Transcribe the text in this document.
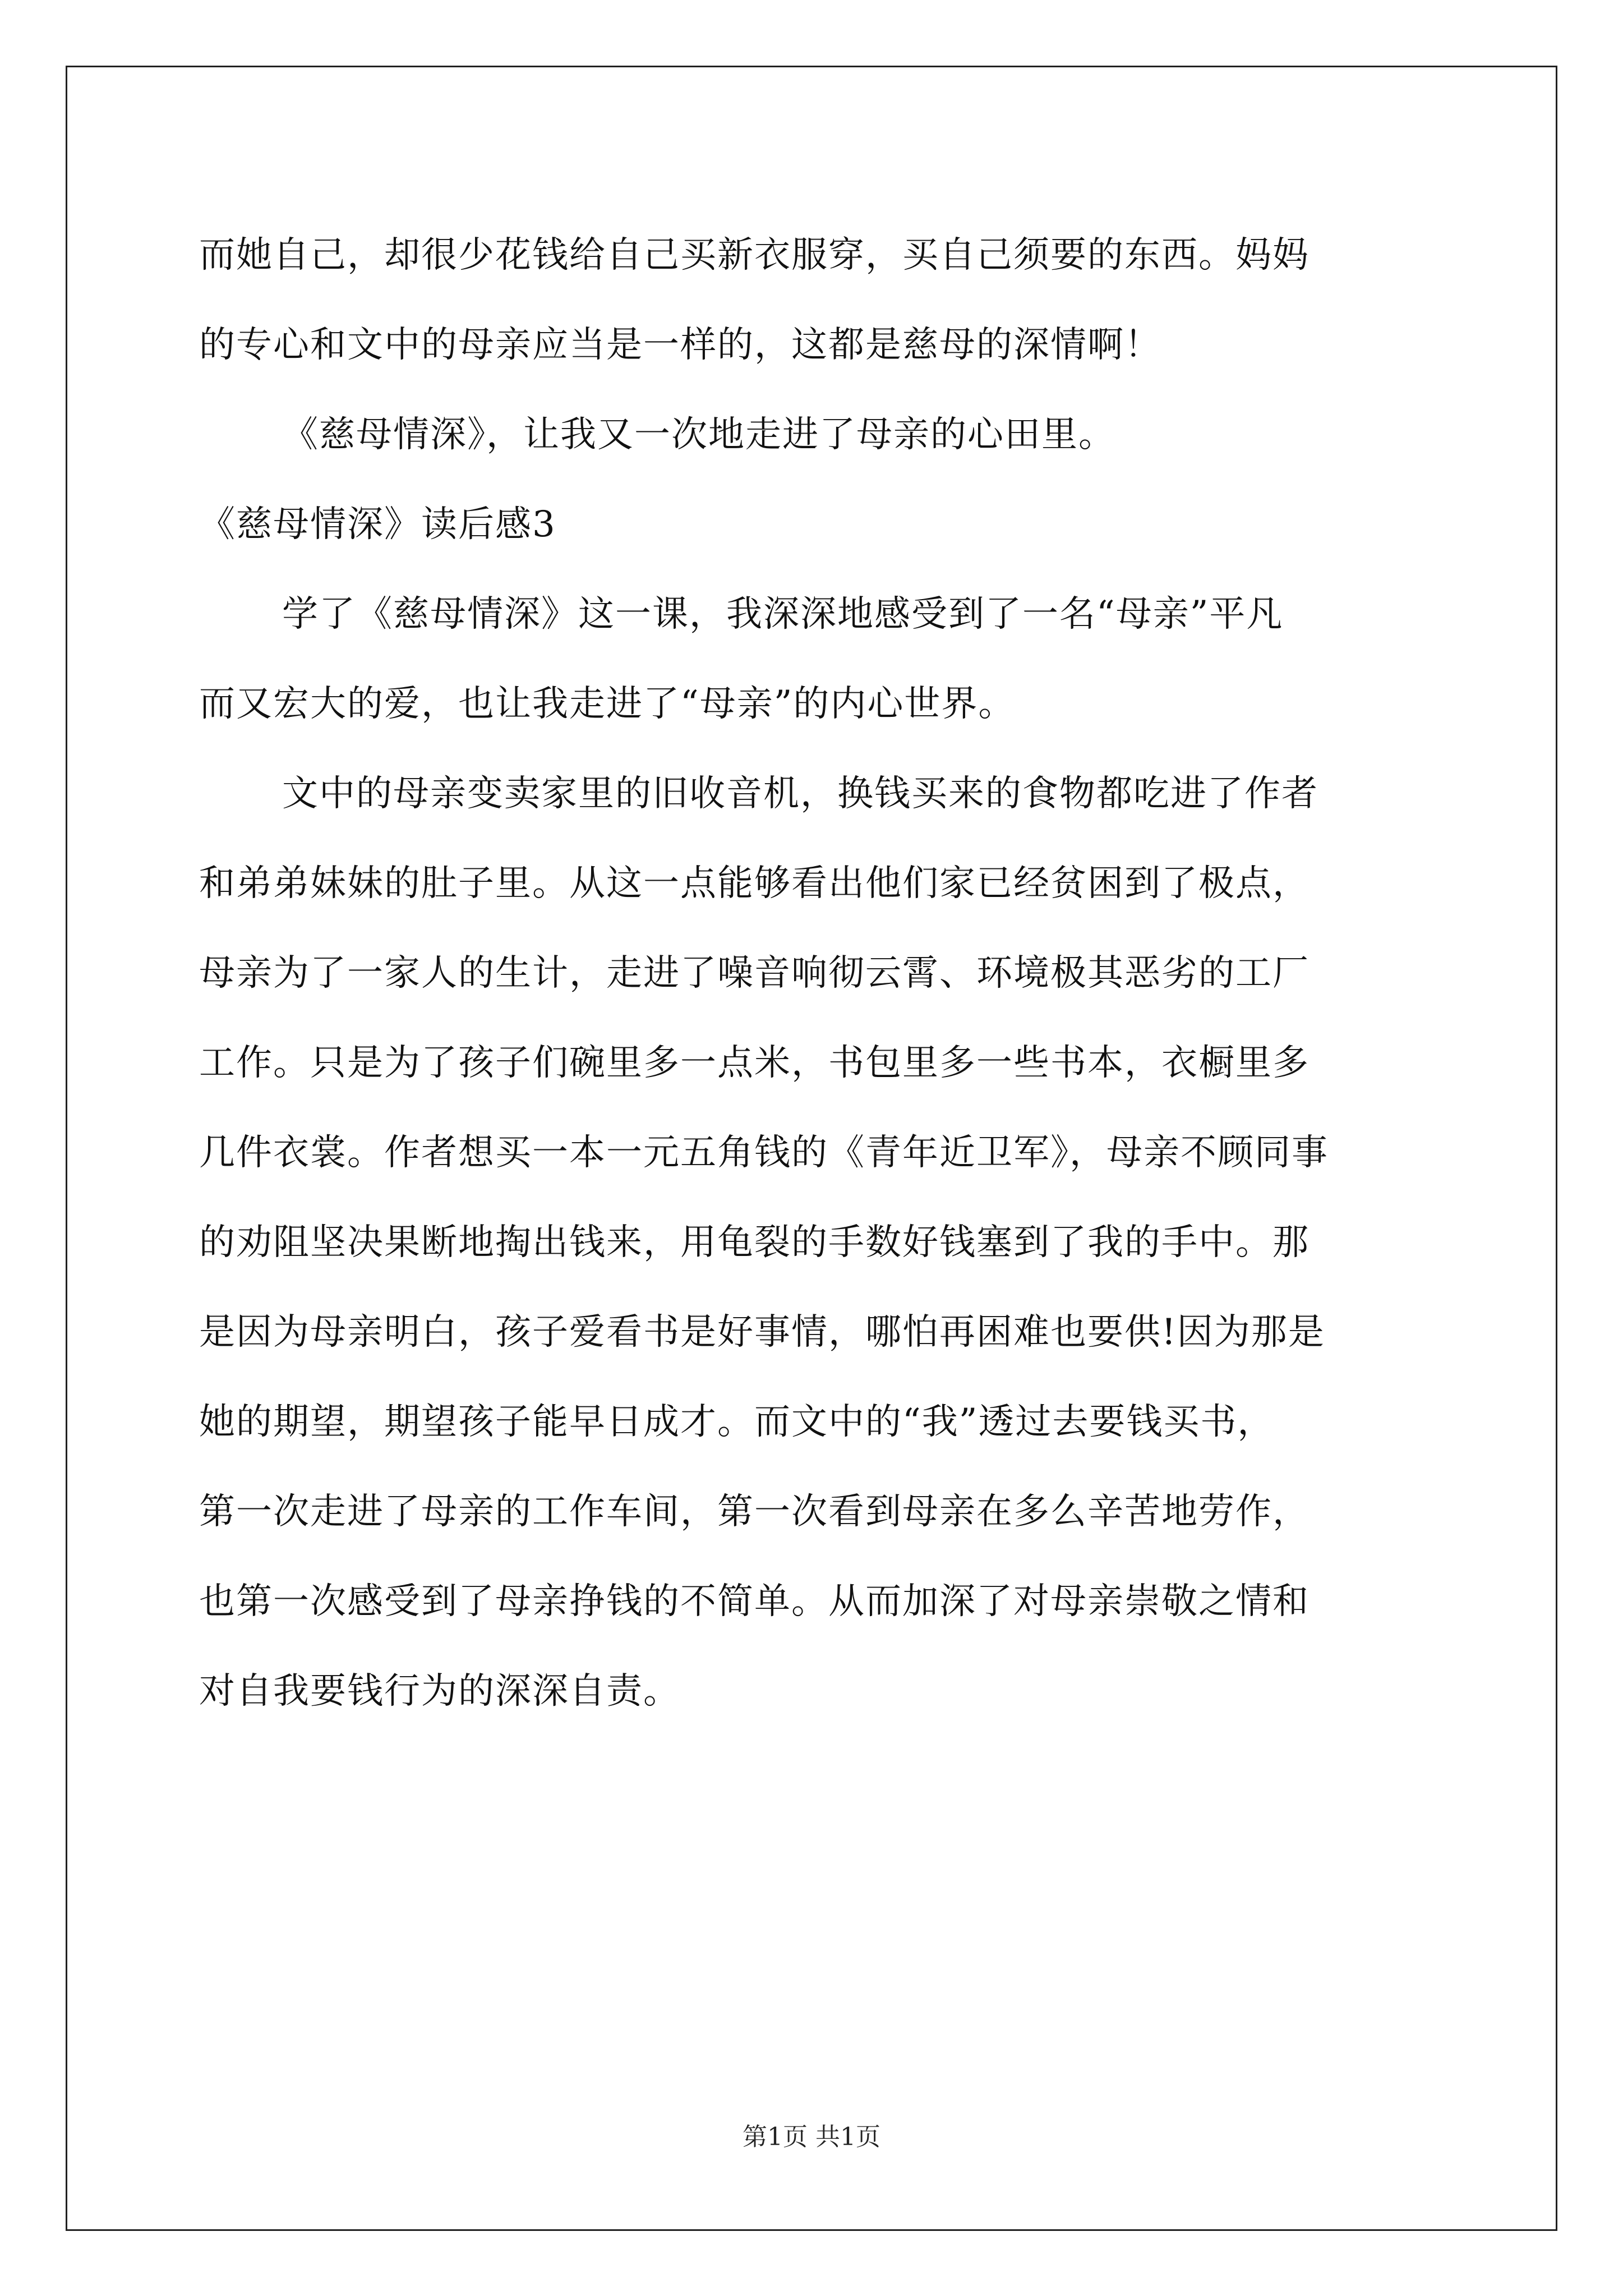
而她自己，却很少花钱给自己买新衣服穿，买自己须要的东西。妈妈
的专心和文中的母亲应当是一样的，这都是慈母的深情啊！
《慈母情深》，让我又一次地走进了母亲的心田里。
《慈母情深》读后感3
学了《慈母情深》这一课，我深深地感受到了一名“母亲”平凡
而又宏大的爱，也让我走进了“母亲”的内心世界。
文中的母亲变卖家里的旧收音机，换钱买来的食物都吃进了作者
和弟弟妹妹的肚子里。从这一点能够看出他们家已经贫困到了极点，
母亲为了一家人的生计，走进了噪音响彻云霄、环境极其恶劣的工厂
工作。只是为了孩子们碗里多一点米，书包里多一些书本，衣橱里多
几件衣裳。作者想买一本一元五角钱的《青年近卫军》，母亲不顾同事
的劝阻坚决果断地掏出钱来，用龟裂的手数好钱塞到了我的手中。那
是因为母亲明白，孩子爱看书是好事情，哪怕再困难也要供!因为那是
她的期望，期望孩子能早日成才。而文中的“我”透过去要钱买书，
第一次走进了母亲的工作车间，第一次看到母亲在多么辛苦地劳作，
也第一次感受到了母亲挣钱的不简单。从而加深了对母亲崇敬之情和
对自我要钱行为的深深自责。
第1页 共1页
